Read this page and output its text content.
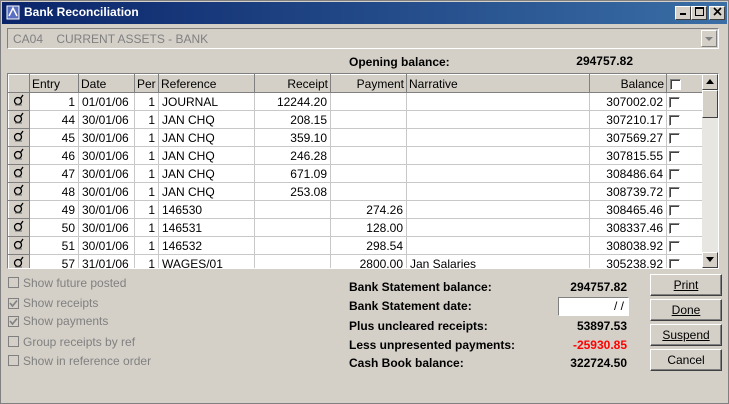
Bank Reconciliation
CA04    CURRENT ASSETS - BANK
Opening balance:	294757.82
	Entry	Date	Per	Reference	Receipt	Payment	Narrative	Balance	
	1	01/01/06	1	JOURNAL	12244.20			307002.02	
	44	30/01/06	1	JAN CHQ	208.15			307210.17	
	45	30/01/06	1	JAN CHQ	359.10			307569.27	
	46	30/01/06	1	JAN CHQ	246.28			307815.55	
	47	30/01/06	1	JAN CHQ	671.09			308486.64	
	48	30/01/06	1	JAN CHQ	253.08			308739.72	
	49	30/01/06	1	146530		274.26		308465.46	
	50	30/01/06	1	146531		128.00		308337.46	
	51	30/01/06	1	146532		298.54		308038.92	
	57	31/01/06	1	WAGES/01		2800.00	Jan Salaries	305238.92	
Show future posted
Show receipts
Show payments
Group receipts by ref
Show in reference order
Bank Statement balance:	294757.82
Bank Statement date:	/ /
Plus uncleared receipts:	53897.53
Less unpresented payments:	-25930.85
Cash Book balance:	322724.50
Print
Done
Suspend
Cancel
